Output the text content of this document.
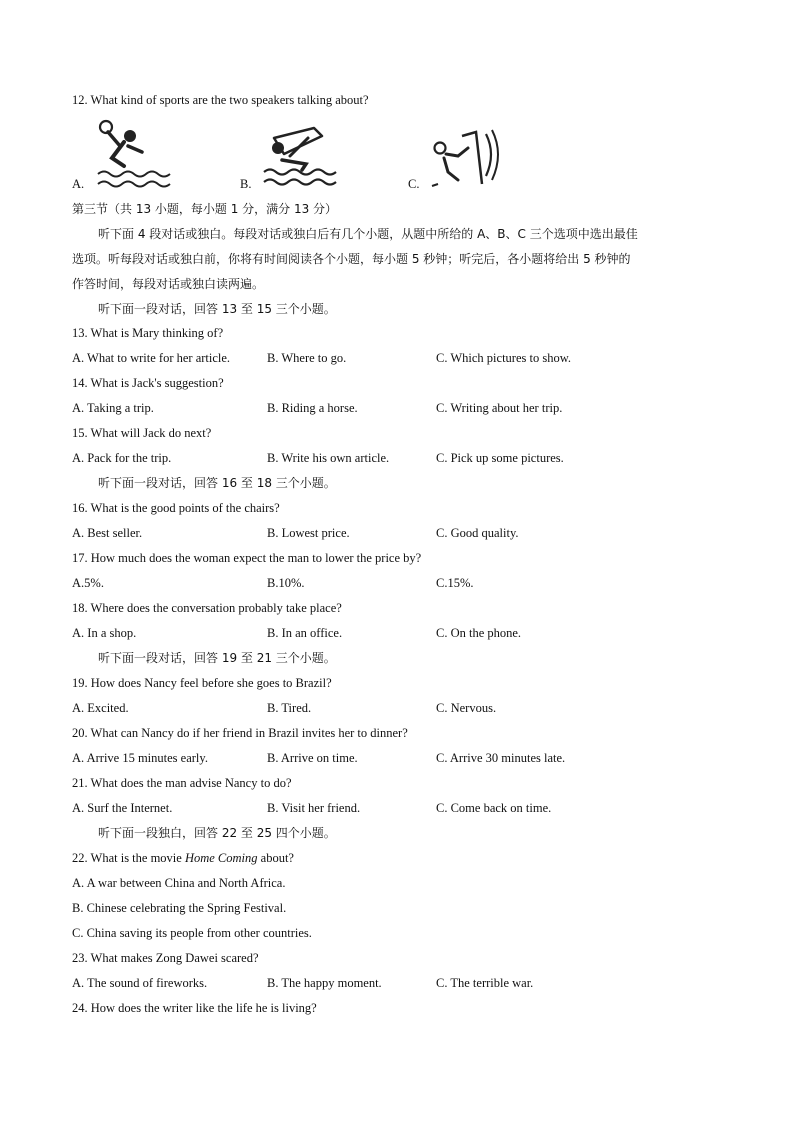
12. What kind of sports are the two speakers talking about?
A.	B.	C.
第三节（共 13 小题，每小题 1 分，满分 13 分）
听下面 4 段对话或独白。每段对话或独白后有几个小题，从题中所给的 A、B、C 三个选项中选出最佳
选项。听每段对话或独白前，你将有时间阅读各个小题，每小题 5 秒钟；听完后，各小题将给出 5 秒钟的
作答时间，每段对话或独白读两遍。
听下面一段对话，回答 13 至 15 三个小题。
13. What is Mary thinking of?
A. What to write for her article.	B. Where to go.	C. Which pictures to show.
14. What is Jack's suggestion?
A. Taking a trip.	B. Riding a horse.	C. Writing about her trip.
15. What will Jack do next?
A. Pack for the trip.	B. Write his own article.	C. Pick up some pictures.
听下面一段对话，回答 16 至 18 三个小题。
16. What is the good points of the chairs?
A. Best seller.	B. Lowest price.	C. Good quality.
17. How much does the woman expect the man to lower the price by?
A.5%.	B.10%.	C.15%.
18. Where does the conversation probably take place?
A. In a shop.	B. In an office.	C. On the phone.
听下面一段对话，回答 19 至 21 三个小题。
19. How does Nancy feel before she goes to Brazil?
A. Excited.	B. Tired.	C. Nervous.
20. What can Nancy do if her friend in Brazil invites her to dinner?
A. Arrive 15 minutes early.	B. Arrive on time.	C. Arrive 30 minutes late.
21. What does the man advise Nancy to do?
A. Surf the Internet.	B. Visit her friend.	C. Come back on time.
听下面一段独白，回答 22 至 25 四个小题。
22. What is the movie Home Coming about?
A. A war between China and North Africa.
B. Chinese celebrating the Spring Festival.
C. China saving its people from other countries.
23. What makes Zong Dawei scared?
A. The sound of fireworks.	B. The happy moment.	C. The terrible war.
24. How does the writer like the life he is living?
